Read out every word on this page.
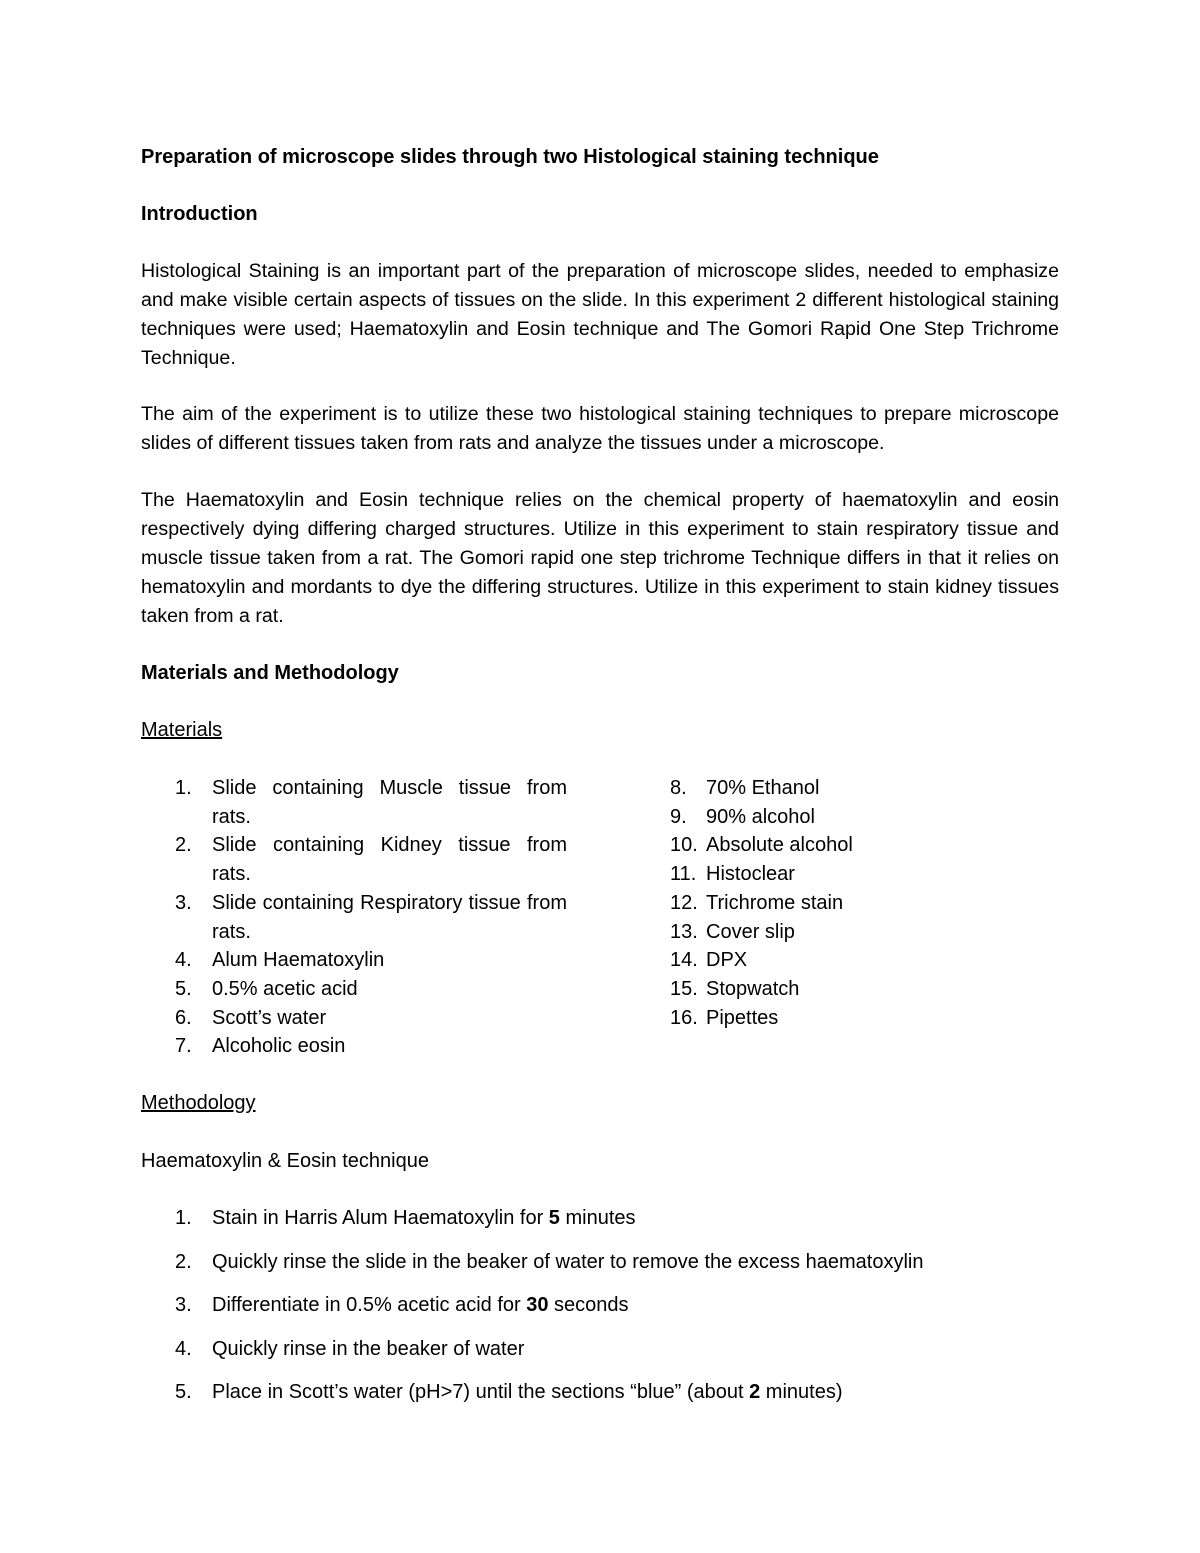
Preparation of microscope slides through two Histological staining technique

Introduction

Histological Staining is an important part of the preparation of microscope slides, needed to emphasize and make visible certain aspects of tissues on the slide. In this experiment 2 different histological staining techniques were used; Haematoxylin and Eosin technique and The Gomori Rapid One Step Trichrome Technique.

The aim of the experiment is to utilize these two histological staining techniques to prepare microscope slides of different tissues taken from rats and analyze the tissues under a microscope.

The Haematoxylin and Eosin technique relies on the chemical property of haematoxylin and eosin respectively dying differing charged structures. Utilize in this experiment to stain respiratory tissue and muscle tissue taken from a rat. The Gomori rapid one step trichrome Technique differs in that it relies on hematoxylin and mordants to dye the differing structures. Utilize in this experiment to stain kidney tissues taken from a rat.

Materials and Methodology

Materials

1.	Slide containing Muscle tissue from rats.
2.	Slide containing Kidney tissue from rats.
3.	Slide containing Respiratory tissue from rats.
4.	Alum Haematoxylin
5.	0.5% acetic acid
6.	Scott’s water
7.	Alcoholic eosin
8. 70% Ethanol
9. 90% alcohol
10. Absolute alcohol
11. Histoclear
12. Trichrome stain
13. Cover slip
14. DPX
15. Stopwatch
16. Pipettes

Methodology

Haematoxylin & Eosin technique

1.	Stain in Harris Alum Haematoxylin for 5 minutes
2.	Quickly rinse the slide in the beaker of water to remove the excess haematoxylin
3.	Differentiate in 0.5% acetic acid for 30 seconds
4.	Quickly rinse in the beaker of water
5.	Place in Scott’s water (pH>7) until the sections “blue” (about 2 minutes)
